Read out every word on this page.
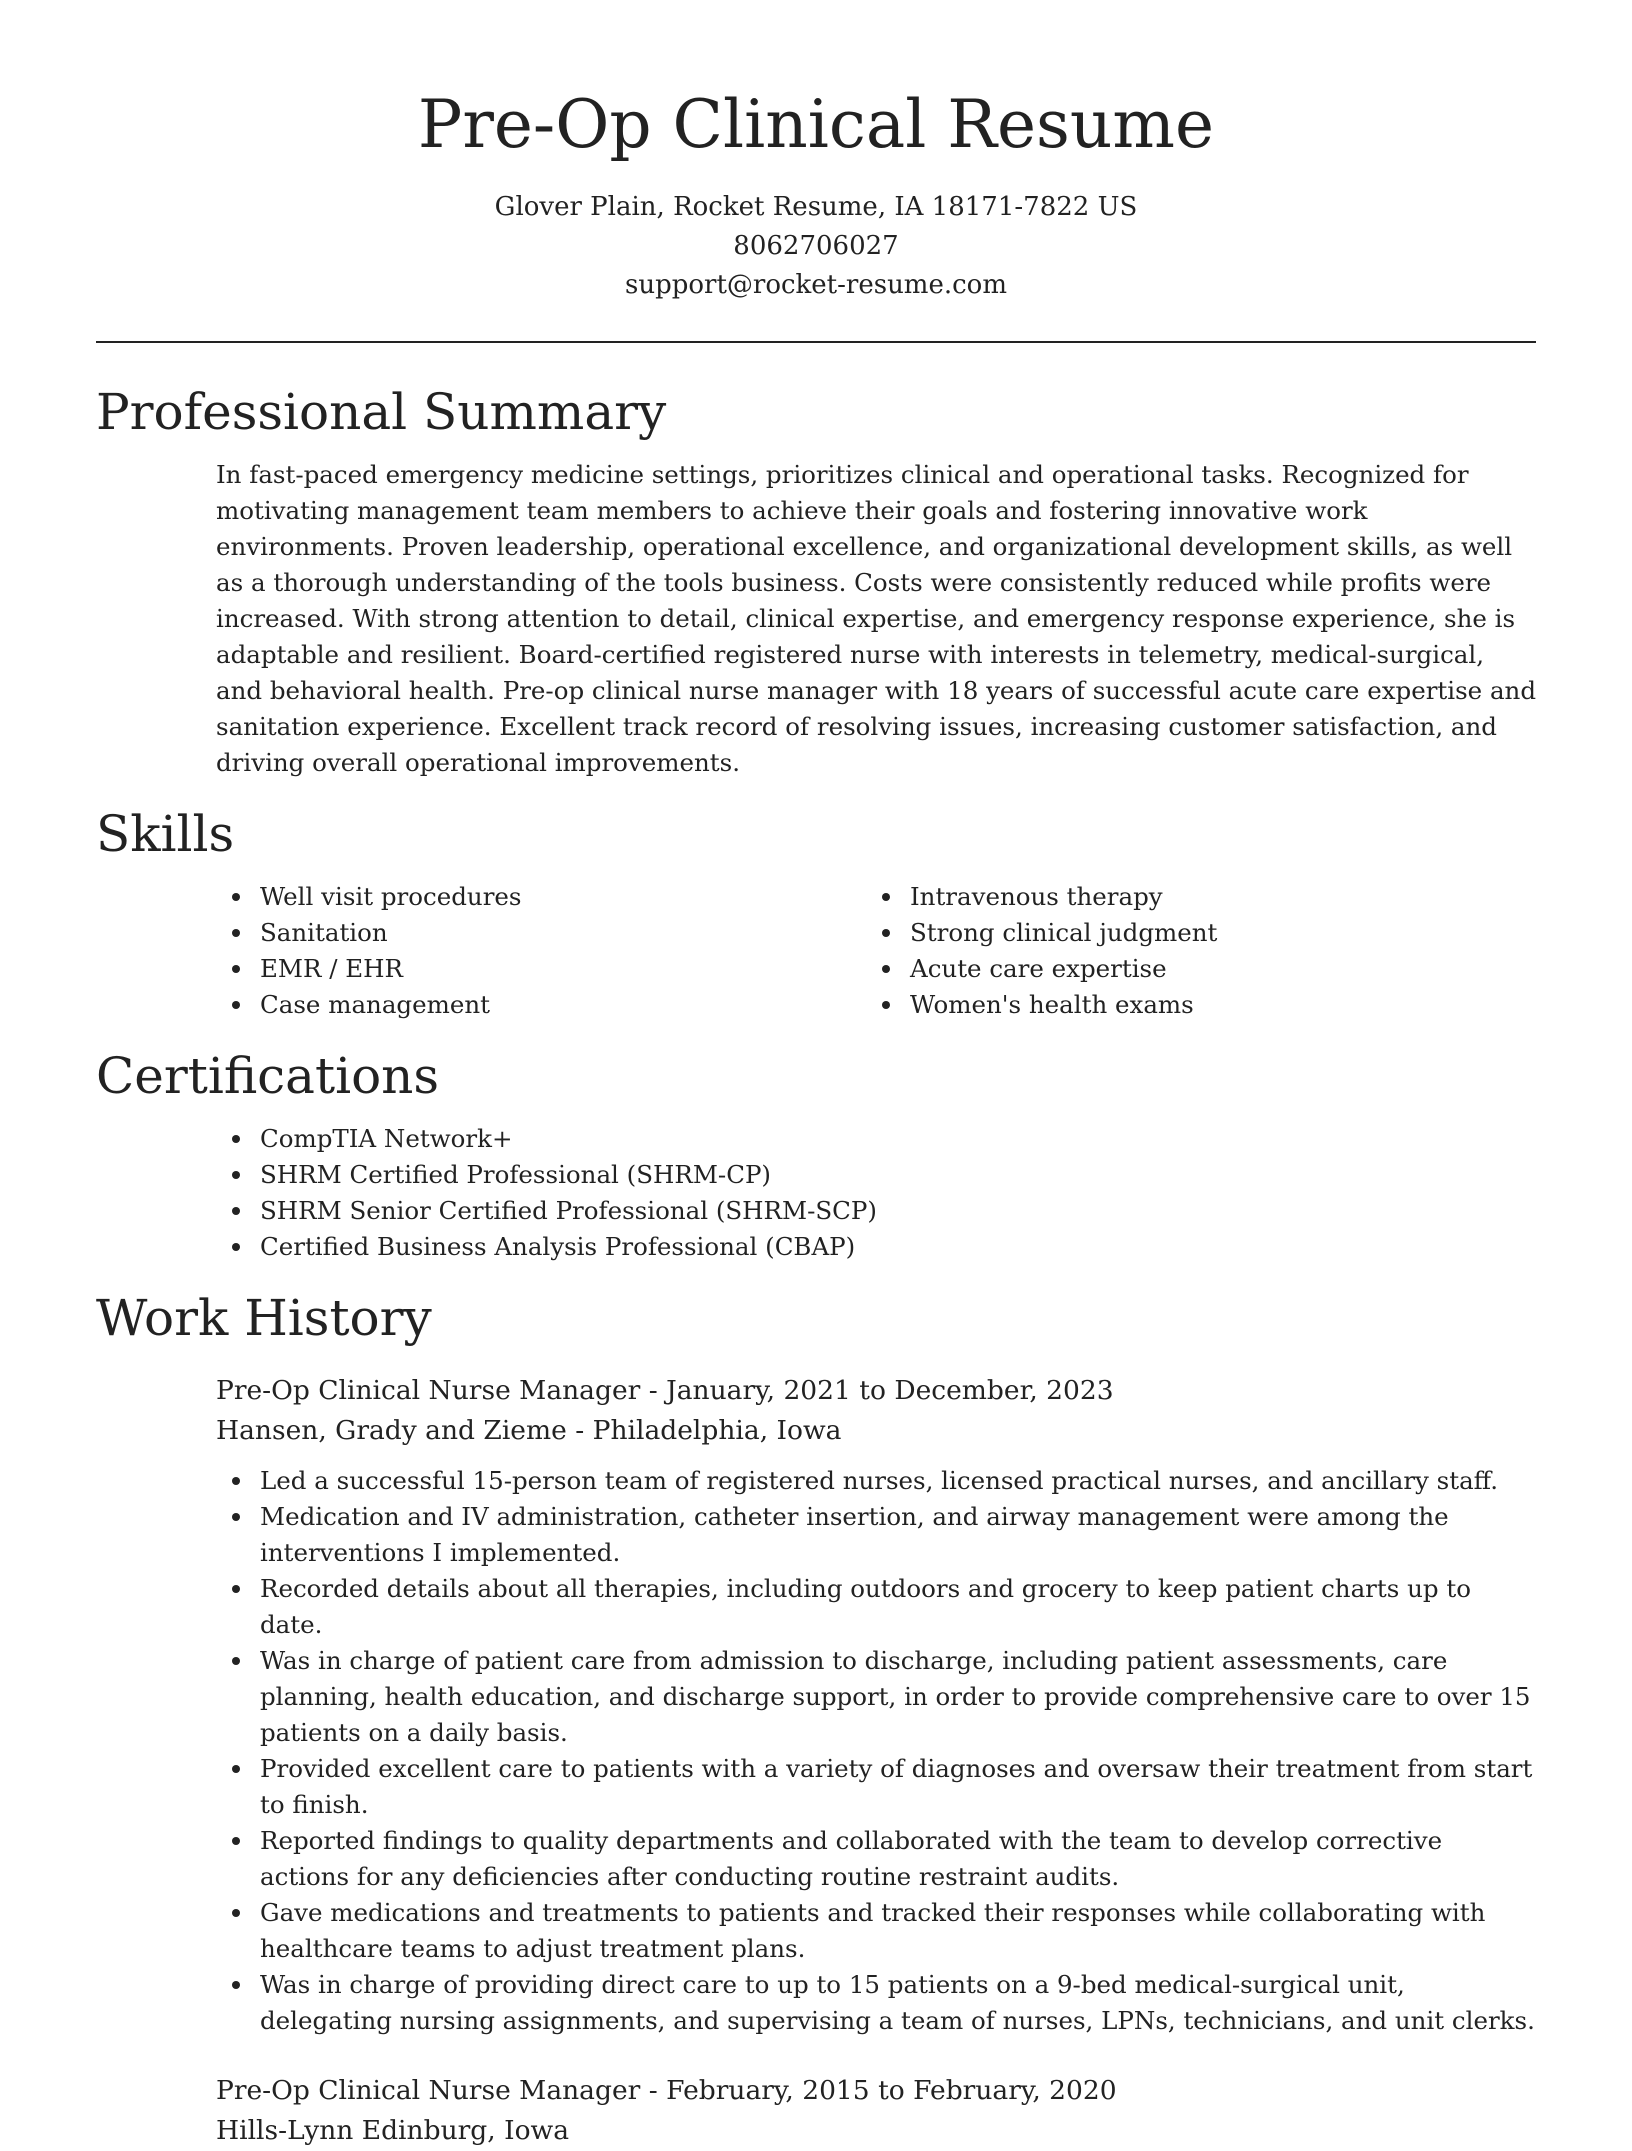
Pre-Op Clinical Resume
Glover Plain, Rocket Resume, IA 18171-7822 US
8062706027
support@rocket-resume.com
Professional Summary
In fast-paced emergency medicine settings, prioritizes clinical and operational tasks. Recognized for motivating management team members to achieve their goals and fostering innovative work environments. Proven leadership, operational excellence, and organizational development skills, as well as a thorough understanding of the tools business. Costs were consistently reduced while profits were increased. With strong attention to detail, clinical expertise, and emergency response experience, she is adaptable and resilient. Board-certified registered nurse with interests in telemetry, medical-surgical, and behavioral health. Pre-op clinical nurse manager with 18 years of successful acute care expertise and sanitation experience. Excellent track record of resolving issues, increasing customer satisfaction, and driving overall operational improvements.
Skills
Well visit procedures
Sanitation
EMR / EHR
Case management
Intravenous therapy
Strong clinical judgment
Acute care expertise
Women's health exams
Certifications
CompTIA Network+
SHRM Certified Professional (SHRM-CP)
SHRM Senior Certified Professional (SHRM-SCP)
Certified Business Analysis Professional (CBAP)
Work History
Pre-Op Clinical Nurse Manager - January, 2021 to December, 2023
Hansen, Grady and Zieme - Philadelphia, Iowa
Led a successful 15-person team of registered nurses, licensed practical nurses, and ancillary staff.
Medication and IV administration, catheter insertion, and airway management were among the interventions I implemented.
Recorded details about all therapies, including outdoors and grocery to keep patient charts up to date.
Was in charge of patient care from admission to discharge, including patient assessments, care planning, health education, and discharge support, in order to provide comprehensive care to over 15 patients on a daily basis.
Provided excellent care to patients with a variety of diagnoses and oversaw their treatment from start to finish.
Reported findings to quality departments and collaborated with the team to develop corrective actions for any deficiencies after conducting routine restraint audits.
Gave medications and treatments to patients and tracked their responses while collaborating with healthcare teams to adjust treatment plans.
Was in charge of providing direct care to up to 15 patients on a 9-bed medical-surgical unit, delegating nursing assignments, and supervising a team of nurses, LPNs, technicians, and unit clerks.
Pre-Op Clinical Nurse Manager - February, 2015 to February, 2020
Hills-Lynn Edinburg, Iowa
